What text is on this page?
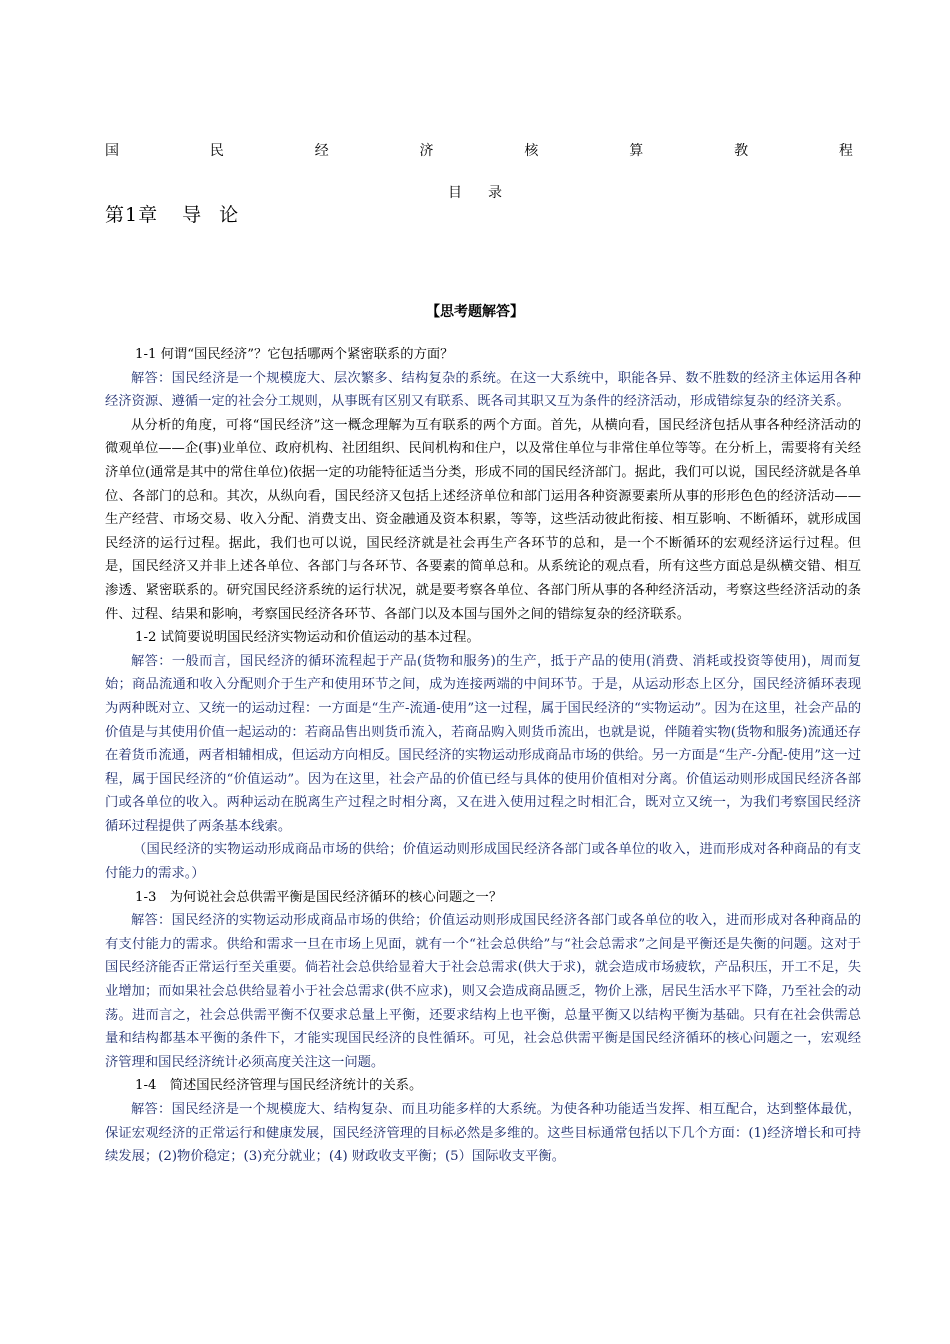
国	民	经	济	核	算	教	程
目录
第1章 导论
【思考题解答】

1-1 何谓“国民经济”？它包括哪两个紧密联系的方面？

解答：国民经济是一个规模庞大、层次繁多、结构复杂的系统。在这一大系统中，职能各异、数不胜数的经济主体运用各种经济资源、遵循一定的社会分工规则，从事既有区别又有联系、既各司其职又互为条件的经济活动，形成错综复杂的经济关系。

从分析的角度，可将“国民经济”这一概念理解为互有联系的两个方面。首先，从横向看，国民经济包括从事各种经济活动的微观单位——企(事)业单位、政府机构、社团组织、民间机构和住户，以及常住单位与非常住单位等等。在分析上，需要将有关经济单位(通常是其中的常住单位)依据一定的功能特征适当分类，形成不同的国民经济部门。据此，我们可以说，国民经济就是各单位、各部门的总和。其次，从纵向看，国民经济又包括上述经济单位和部门运用各种资源要素所从事的形形色色的经济活动——生产经营、市场交易、收入分配、消费支出、资金融通及资本积累，等等，这些活动彼此衔接、相互影响、不断循环，就形成国民经济的运行过程。据此，我们也可以说，国民经济就是社会再生产各环节的总和，是一个不断循环的宏观经济运行过程。但是，国民经济又并非上述各单位、各部门与各环节、各要素的简单总和。从系统论的观点看，所有这些方面总是纵横交错、相互渗透、紧密联系的。研究国民经济系统的运行状况，就是要考察各单位、各部门所从事的各种经济活动，考察这些经济活动的条件、过程、结果和影响，考察国民经济各环节、各部门以及本国与国外之间的错综复杂的经济联系。

1-2 试简要说明国民经济实物运动和价值运动的基本过程。

解答：一般而言，国民经济的循环流程起于产品(货物和服务)的生产，抵于产品的使用(消费、消耗或投资等使用)，周而复始；商品流通和收入分配则介于生产和使用环节之间，成为连接两端的中间环节。于是，从运动形态上区分，国民经济循环表现为两种既对立、又统一的运动过程：一方面是“生产-流通-使用”这一过程，属于国民经济的“实物运动”。因为在这里，社会产品的价值是与其使用价值一起运动的：若商品售出则货币流入，若商品购入则货币流出，也就是说，伴随着实物(货物和服务)流通还存在着货币流通，两者相辅相成，但运动方向相反。国民经济的实物运动形成商品市场的供给。另一方面是“生产-分配-使用”这一过程，属于国民经济的“价值运动”。因为在这里，社会产品的价值已经与具体的使用价值相对分离。价值运动则形成国民经济各部门或各单位的收入。两种运动在脱离生产过程之时相分离，又在进入使用过程之时相汇合，既对立又统一，为我们考察国民经济循环过程提供了两条基本线索。

（国民经济的实物运动形成商品市场的供给；价值运动则形成国民经济各部门或各单位的收入，进而形成对各种商品的有支付能力的需求。）

1-3　为何说社会总供需平衡是国民经济循环的核心问题之一？

解答：国民经济的实物运动形成商品市场的供给；价值运动则形成国民经济各部门或各单位的收入，进而形成对各种商品的有支付能力的需求。供给和需求一旦在市场上见面，就有一个“社会总供给”与“社会总需求”之间是平衡还是失衡的问题。这对于国民经济能否正常运行至关重要。倘若社会总供给显着大于社会总需求(供大于求)，就会造成市场疲软，产品积压，开工不足，失业增加；而如果社会总供给显着小于社会总需求(供不应求)，则又会造成商品匮乏，物价上涨，居民生活水平下降，乃至社会的动荡。进而言之，社会总供需平衡不仅要求总量上平衡，还要求结构上也平衡，总量平衡又以结构平衡为基础。只有在社会供需总量和结构都基本平衡的条件下，才能实现国民经济的良性循环。可见，社会总供需平衡是国民经济循环的核心问题之一，宏观经济管理和国民经济统计必须高度关注这一问题。

1-4　简述国民经济管理与国民经济统计的关系。

解答：国民经济是一个规模庞大、结构复杂、而且功能多样的大系统。为使各种功能适当发挥、相互配合，达到整体最优，保证宏观经济的正常运行和健康发展，国民经济管理的目标必然是多维的。这些目标通常包括以下几个方面：(1)经济增长和可持续发展；(2)物价稳定；(3)充分就业；(4) 财政收支平衡；(5）国际收支平衡。
